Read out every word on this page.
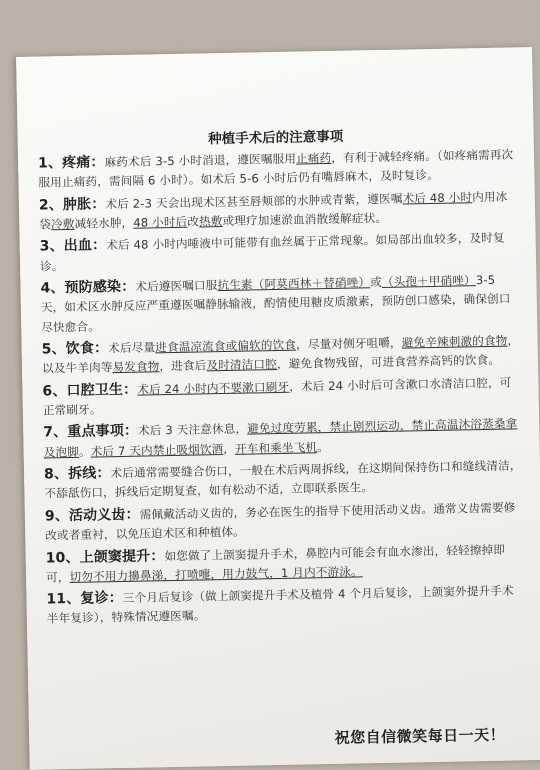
种植手术后的注意事项
1、疼痛：麻药术后 3-5 小时消退，遵医嘱服用止痛药，有利于减轻疼痛。（如疼痛需再次服用止痛药，需间隔 6 小时）。如术后 5-6 小时后仍有嘴唇麻木，及时复诊。
2、肿胀：术后 2-3 天会出现术区甚至唇颊部的水肿或青紫，遵医嘱术后 48 小时内用冰袋冷敷减轻水肿，48 小时后改热敷或理疗加速淤血消散缓解症状。
3、出血：术后 48 小时内唾液中可能带有血丝属于正常现象。如局部出血较多，及时复诊。
4、预防感染：术后遵医嘱口服抗生素（阿莫西林＋替硝唑）或（头孢＋甲硝唑）3-5 天，如术区水肿反应严重遵医嘱静脉输液，酌情使用糖皮质激素，预防创口感染，确保创口尽快愈合。
5、饮食：术后尽量进食温凉流食或偏软的饮食，尽量对侧牙咀嚼，避免辛辣刺激的食物，以及牛羊肉等易发食物，进食后及时清洁口腔，避免食物残留，可进食营养高钙的饮食。
6、口腔卫生：术后 24 小时内不要漱口刷牙，术后 24 小时后可含漱口水清洁口腔，可正常刷牙。
7、重点事项：术后 3 天注意休息，避免过度劳累，禁止剧烈运动，禁止高温沐浴蒸桑拿及泡脚。术后 7 天内禁止吸烟饮酒，开车和乘坐飞机。
8、拆线：术后通常需要缝合伤口，一般在术后两周拆线，在这期间保持伤口和缝线清洁，不舔舐伤口，拆线后定期复查，如有松动不适，立即联系医生。
9、活动义齿：需佩戴活动义齿的，务必在医生的指导下使用活动义齿。通常义齿需要修改或者重衬，以免压迫术区和种植体。
10、上颌窦提升：如您做了上颌窦提升手术，鼻腔内可能会有血水渗出，轻轻擦掉即可，切勿不用力擤鼻涕，打喷嚏，用力鼓气，1 月内不游泳。
11、复诊：三个月后复诊（做上颌窦提升手术及植骨 4 个月后复诊，上颌窦外提升手术半年复诊），特殊情况遵医嘱。
祝您自信微笑每日一天！
